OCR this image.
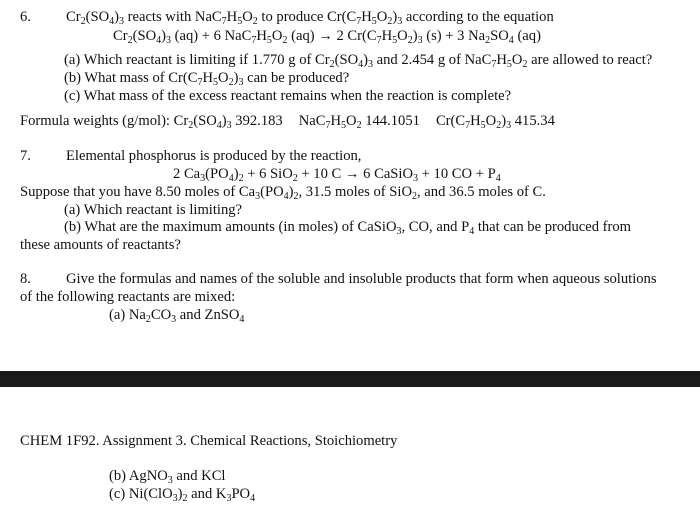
6. $Cr_2(SO_4)_3$ reacts with $NaC_7H_5O_2$ to produce $Cr(C_7H_5O_2)_3$ according to the equation
$Cr_2(SO_4)_3$ (aq) + 6 $NaC_7H_5O_2$ (aq) → 2 $Cr(C_7H_5O_2)_3$ (s) + 3 $Na_2SO_4$ (aq)
(a) Which reactant is limiting if 1.770 g of $Cr_2(SO_4)_3$ and 2.454 g of $NaC_7H_5O_2$ are allowed to react?
(b) What mass of $Cr(C_7H_5O_2)_3$ can be produced?
(c) What mass of the excess reactant remains when the reaction is complete?
Formula weights (g/mol): $Cr_2(SO_4)_3$ 392.183 $NaC_7H_5O_2$ 144.1051 $Cr(C_7H_5O_2)_3$ 415.34
7. Elemental phosphorus is produced by the reaction,
2 $Ca_3(PO_4)_2 + 6$ SiO$_2$ + 10 C → 6 CaSiO$_3$ + 10 CO + $P_4$
Suppose that you have 8.50 moles of $Ca_3(PO_4)_2$, 31.5 moles of SiO$_2$, and 36.5 moles of C.
(a) Which reactant is limiting?
(b) What are the maximum amounts (in moles) of CaSiO$_3$, CO, and $P_4$ that can be produced from
these amounts of reactants?
8. Give the formulas and names of the soluble and insoluble products that form when aqueous solutions
of the following reactants are mixed:
(a) $Na_2CO_3$ and ZnSO$_4$
CHEM 1F92. Assignment 3. Chemical Reactions, Stoichiometry
(b) AgNO$_3$ and KCl
(c) $Ni(ClO_3)_2$ and $K_3PO_4$
